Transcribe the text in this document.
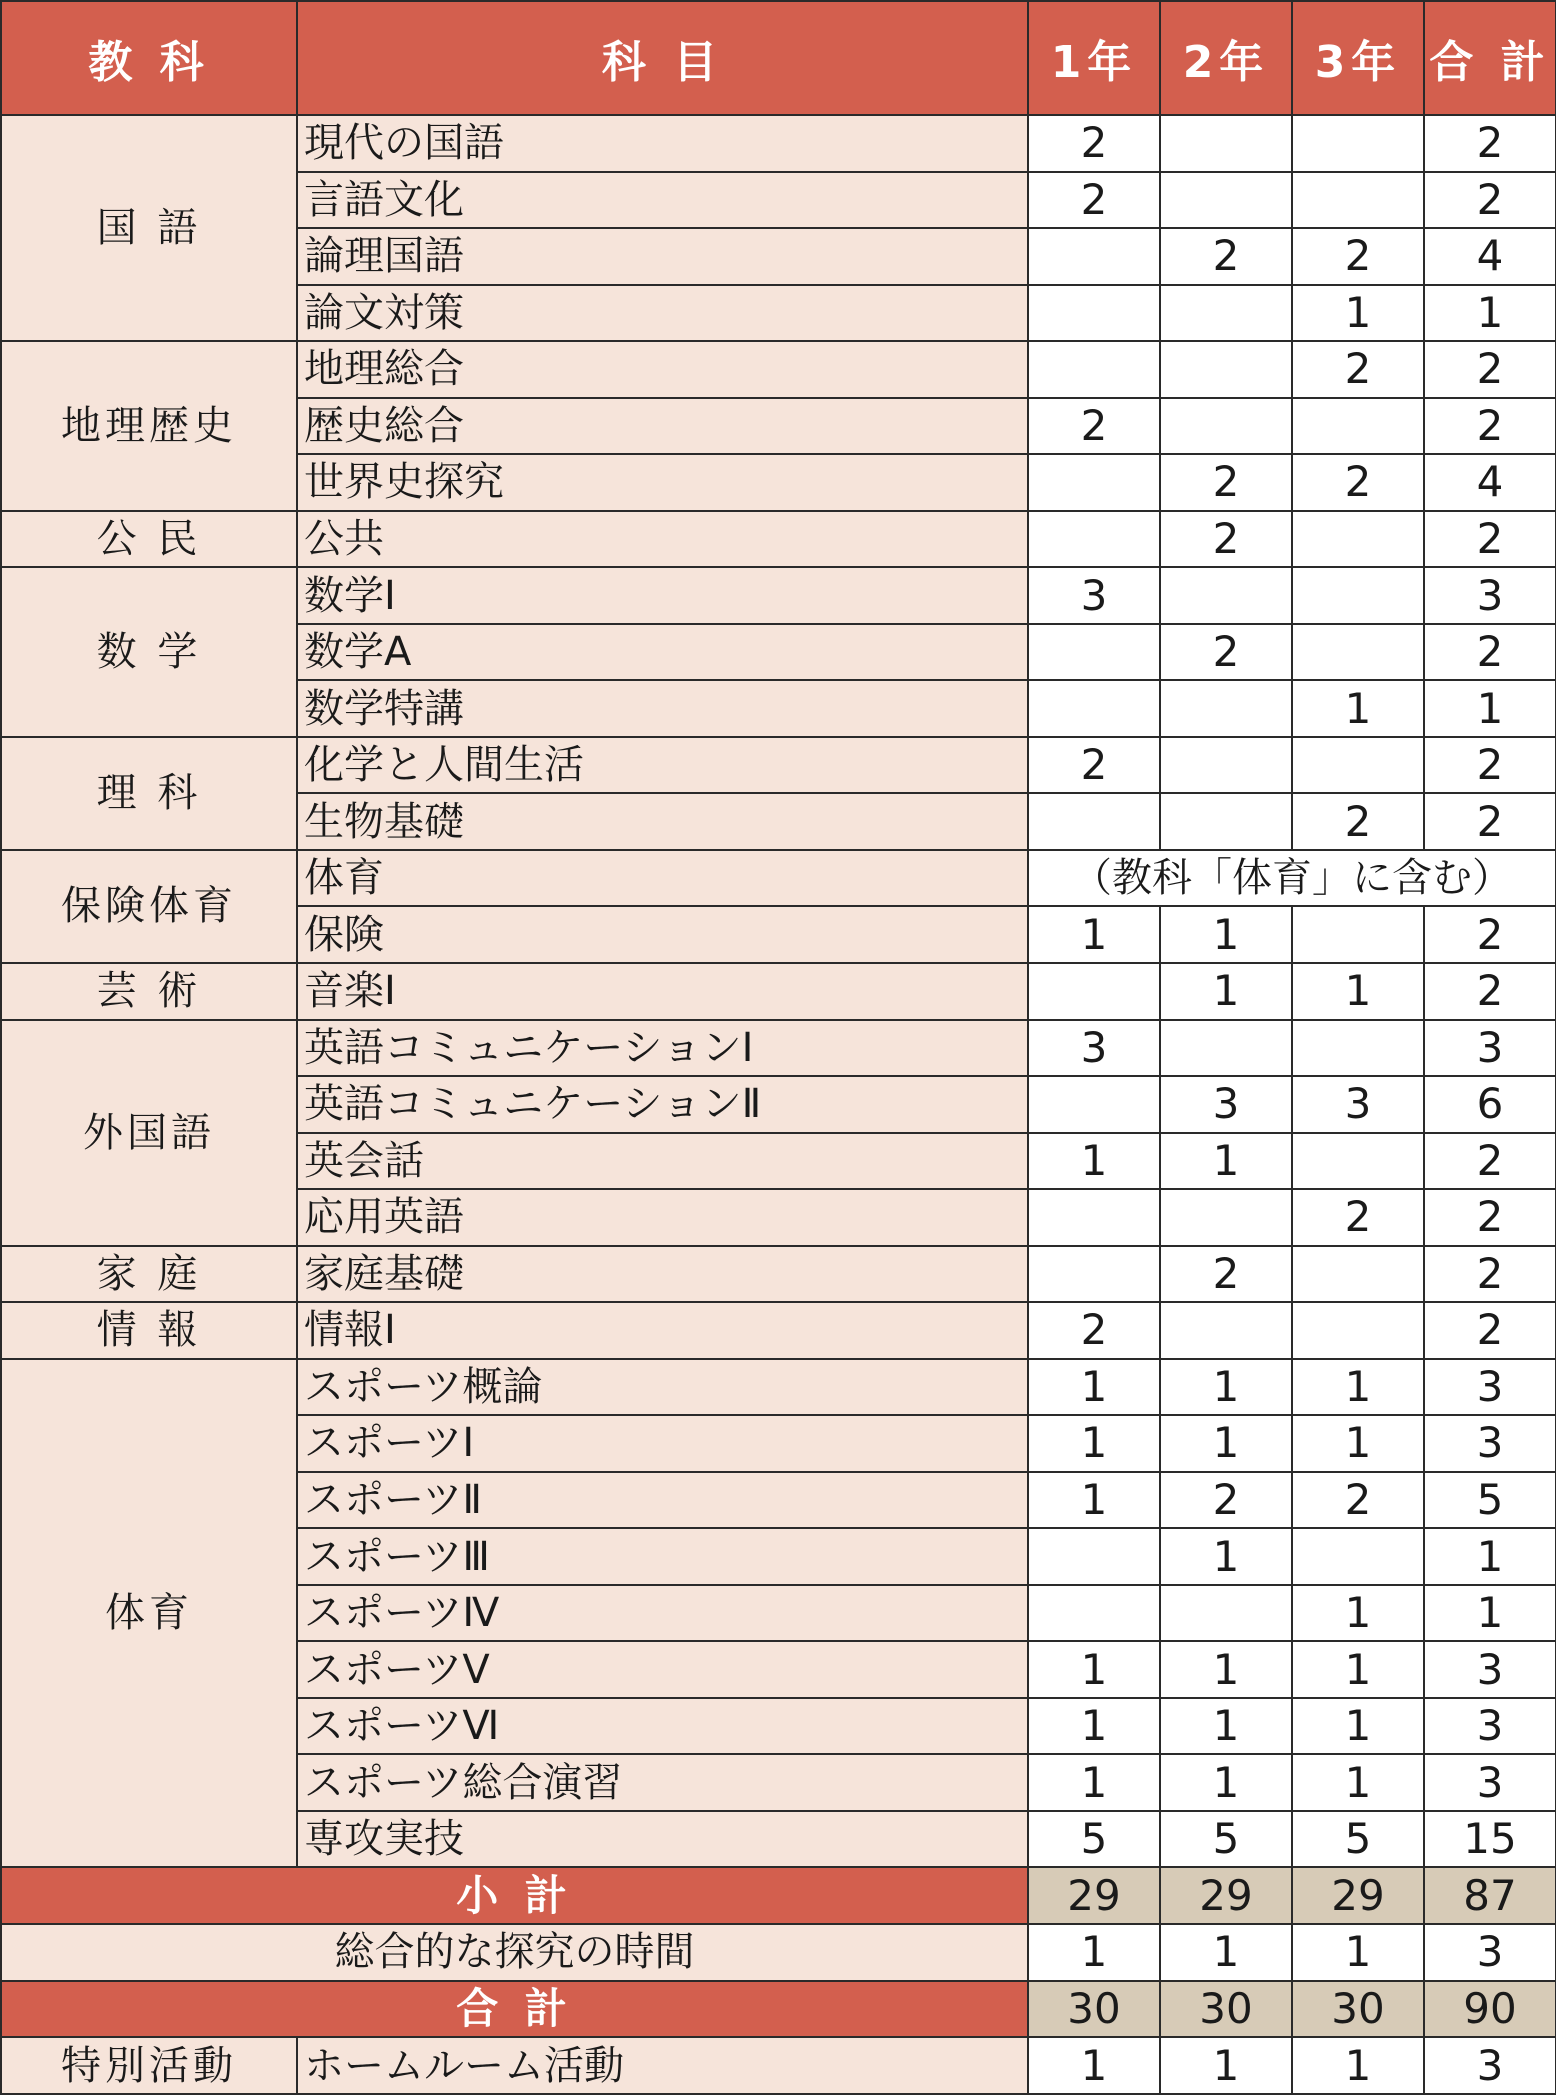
教 科	科 目	1年	2年	3年	合 計
国 語	現代の国語	2			2
	言語文化	2			2
	論理国語		2	2	4
	論文対策			1	1
地理歴史	地理総合			2	2
	歴史総合	2			2
	世界史探究		2	2	4
公 民	公共		2		2
数 学	数学Ⅰ	3			3
	数学A		2		2
	数学特講			1	1
理 科	化学と人間生活	2			2
	生物基礎			2	2
保険体育	体育	（教科「体育」に含む）			
	保険	1	1		2
芸 術	音楽Ⅰ		1	1	2
外国語	英語コミュニケーションⅠ	3			3
	英語コミュニケーションⅡ		3	3	6
	英会話	1	1		2
	応用英語			2	2
家 庭	家庭基礎		2		2
情 報	情報Ⅰ	2			2
体育	スポーツ概論	1	1	1	3
	スポーツⅠ	1	1	1	3
	スポーツⅡ	1	2	2	5
	スポーツⅢ		1		1
	スポーツⅣ			1	1
	スポーツⅤ	1	1	1	3
	スポーツⅥ	1	1	1	3
	スポーツ総合演習	1	1	1	3
	専攻実技	5	5	5	15
小 計		29	29	29	87
総合的な探究の時間		1	1	1	3
合 計		30	30	30	90
特別活動	ホームルーム活動	1	1	1	3
